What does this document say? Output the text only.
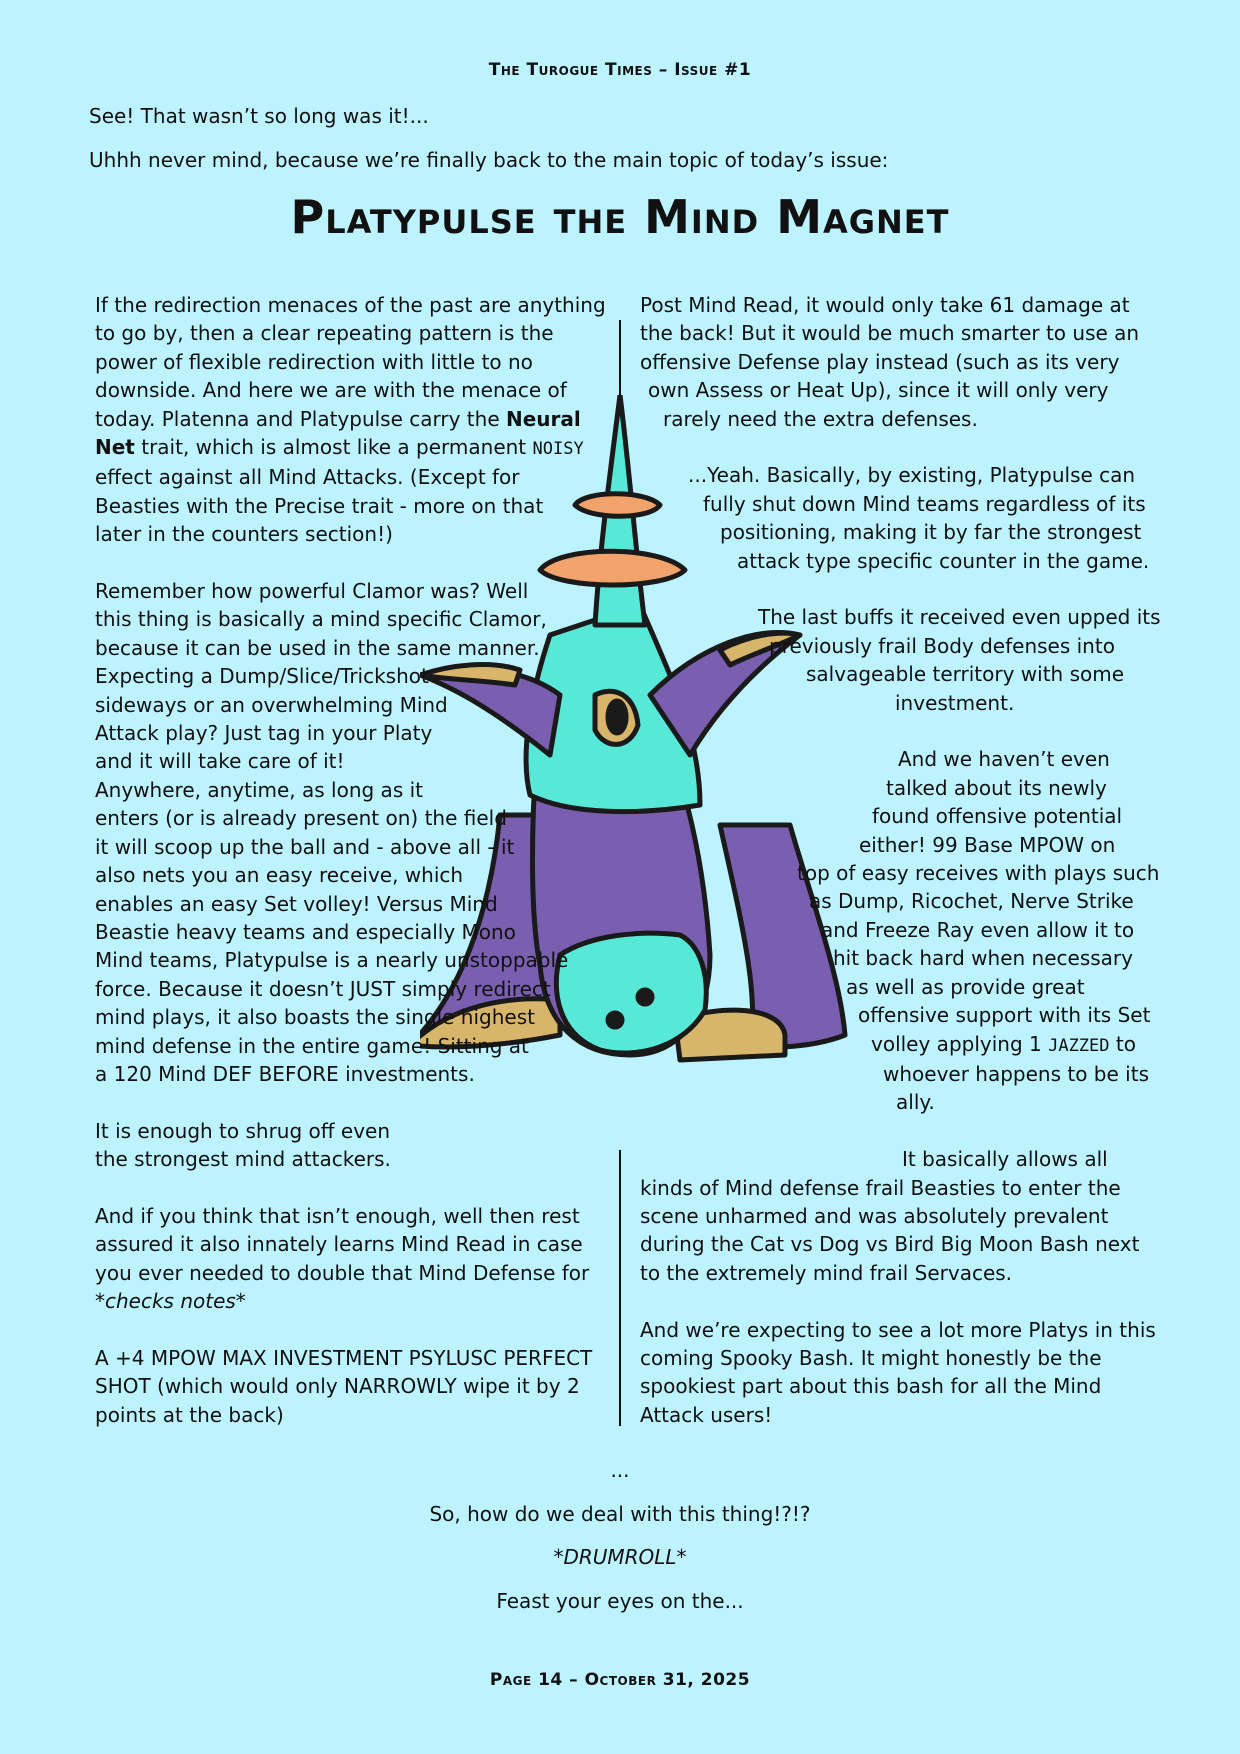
The Turogue Times – Issue #1
See! That wasn’t so long was it!...
Uhhh never mind, because we’re finally back to the main topic of today’s issue:
Platypulse the Mind Magnet
If the redirection menaces of the past are anything
to go by, then a clear repeating pattern is the
power of flexible redirection with little to no
downside. And here we are with the menace of
today. Platenna and Platypulse carry the Neural
Net trait, which is almost like a permanent NOISY
effect against all Mind Attacks. (Except for
Beasties with the Precise trait - more on that
later in the counters section!)
Remember how powerful Clamor was? Well
this thing is basically a mind specific Clamor,
because it can be used in the same manner.
Expecting a Dump/Slice/Trickshot
sideways or an overwhelming Mind
Attack play? Just tag in your Platy
and it will take care of it!
Anywhere, anytime, as long as it
enters (or is already present on) the field
it will scoop up the ball and - above all - it
also nets you an easy receive, which
enables an easy Set volley! Versus Mind
Beastie heavy teams and especially Mono
Mind teams, Platypulse is a nearly unstoppable
force. Because it doesn’t JUST simply redirect
mind plays, it also boasts the single highest
mind defense in the entire game! Sitting at
a 120 Mind DEF BEFORE investments.
It is enough to shrug off even
the strongest mind attackers.
And if you think that isn’t enough, well then rest
assured it also innately learns Mind Read in case
you ever needed to double that Mind Defense for
*checks notes*
A +4 MPOW MAX INVESTMENT PSYLUSC PERFECT
SHOT (which would only NARROWLY wipe it by 2
points at the back)
Post Mind Read, it would only take 61 damage at
the back! But it would be much smarter to use an
offensive Defense play instead (such as its very
own Assess or Heat Up), since it will only very
rarely need the extra defenses.
...Yeah. Basically, by existing, Platypulse can
fully shut down Mind teams regardless of its
positioning, making it by far the strongest
attack type specific counter in the game.
The last buffs it received even upped its
previously frail Body defenses into
salvageable territory with some
investment.
And we haven’t even
talked about its newly
found offensive potential
either! 99 Base MPOW on
top of easy receives with plays such
as Dump, Ricochet, Nerve Strike
and Freeze Ray even allow it to
hit back hard when necessary
as well as provide great
offensive support with its Set
volley applying 1 JAZZED to
whoever happens to be its
ally.
It basically allows all
kinds of Mind defense frail Beasties to enter the
scene unharmed and was absolutely prevalent
during the Cat vs Dog vs Bird Big Moon Bash next
to the extremely mind frail Servaces.
And we’re expecting to see a lot more Platys in this
coming Spooky Bash. It might honestly be the
spookiest part about this bash for all the Mind
Attack users!
...
So, how do we deal with this thing!?!?
*DRUMROLL*
Feast your eyes on the...
Page 14 – October 31, 2025
